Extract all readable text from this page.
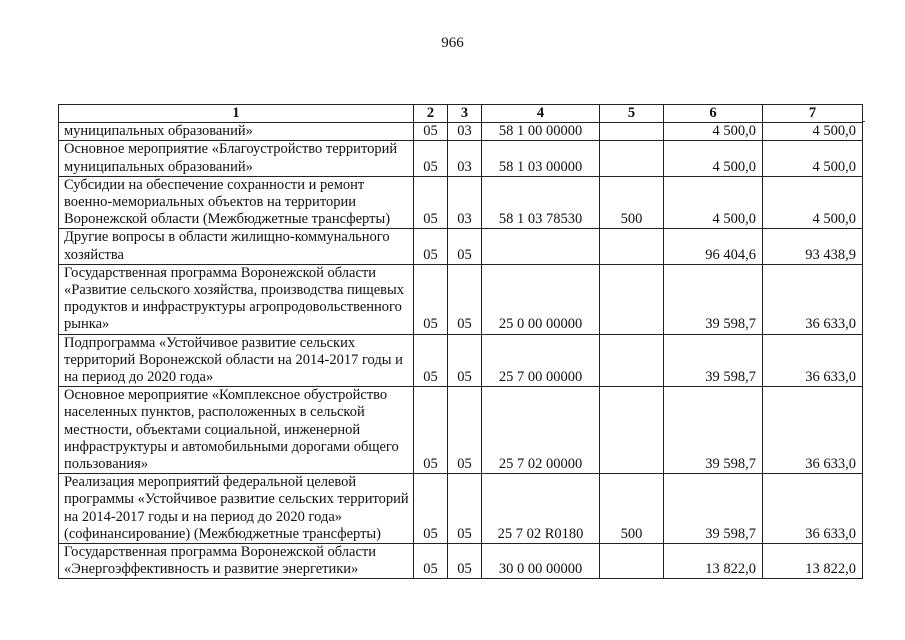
966
1	2	3	4	5	6	7
муниципальных образований»	05	03	58 1 00 00000		4 500,0	4 500,0
Основное мероприятие «Благоустройство территорий муниципальных образований»	05	03	58 1 03 00000		4 500,0	4 500,0
Субсидии на обеспечение сохранности и ремонт военно-мемориальных объектов на территории Воронежской области (Межбюджетные трансферты)	05	03	58 1 03 78530	500	4 500,0	4 500,0
Другие вопросы в области жилищно-коммунального хозяйства	05	05			96 404,6	93 438,9
Государственная программа Воронежской области «Развитие сельского хозяйства, производства пищевых продуктов и инфраструктуры агропродовольственного рынка»	05	05	25 0 00 00000		39 598,7	36 633,0
Подпрограмма «Устойчивое развитие сельских территорий Воронежской области на 2014-2017 годы и на период до 2020 года»	05	05	25 7 00 00000		39 598,7	36 633,0
Основное мероприятие «Комплексное обустройство населенных пунктов, расположенных в сельской местности, объектами социальной, инженерной инфраструктуры и автомобильными дорогами общего пользования»	05	05	25 7 02 00000		39 598,7	36 633,0
Реализация мероприятий федеральной целевой программы «Устойчивое развитие сельских территорий на 2014-2017 годы и на период до 2020 года» (софинансирование) (Межбюджетные трансферты)	05	05	25 7 02 R0180	500	39 598,7	36 633,0
Государственная программа Воронежской области «Энергоэффективность и развитие энергетики»	05	05	30 0 00 00000		13 822,0	13 822,0
